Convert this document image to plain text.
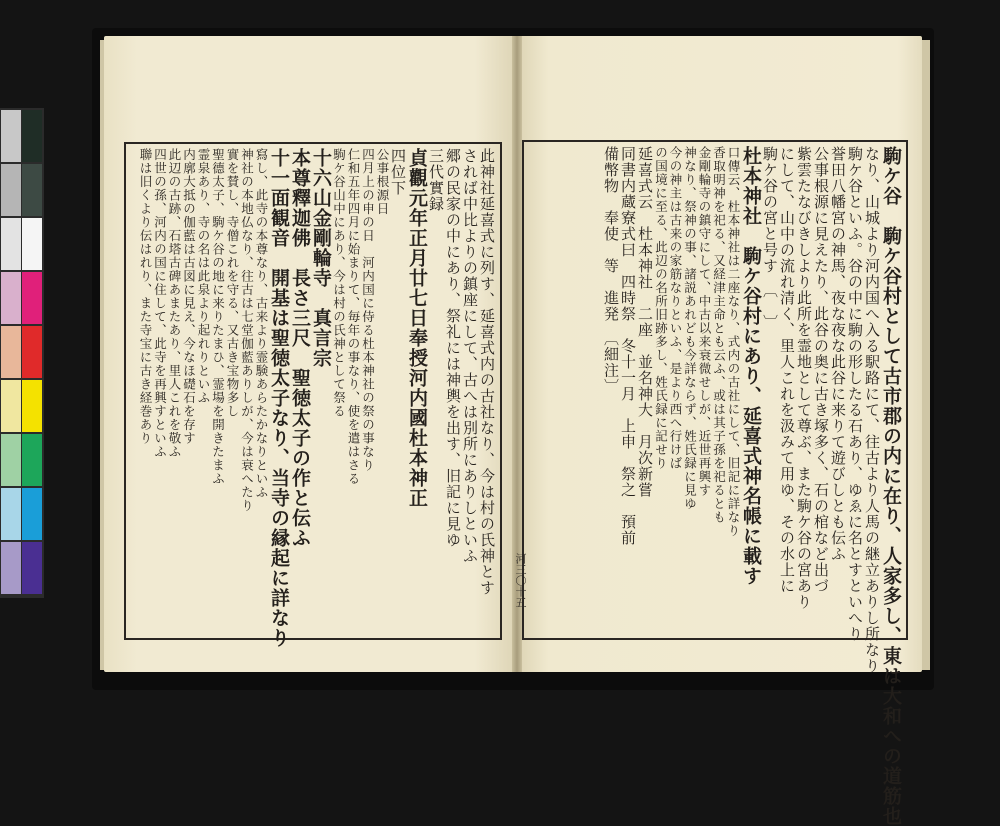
駒ケ谷　駒ケ谷村として古市郡の内に在り、人家多し、東は大和への道筋也
なり、山城より河内国へ入る駅路にて、往古より人馬の継立ありし所なり
駒ケ谷といふ。谷の中に駒の形したる石あり、ゆゑに名とすといへり
誉田八幡宮の神馬、夜な夜な此谷に来りて遊びしとも伝ふ
公事根源に見えたり、此谷の奥に古き塚多く、石の棺など出づ
紫雲たなびきしより此所を霊地として尊ぶ、また駒ケ谷の宮あり
にして、山中の流れ清く、里人これを汲みて用ゆ、その水上に
駒ケ谷の宮と号す　〔　〕
杜本神社　駒ケ谷村にあり、延喜式神名帳に載す
口傳云、杜本神社は二座なり、式内の古社にして、旧記に詳なり
香取明神を祀る、又経津主命とも云ふ、或は其子孫を祀るとも
金剛輪寺の鎮守にして、中古以来衰微せしが、近世再興す
神なり、祭神の事、諸説あれども今詳ならず、姓氏録に見ゆ
今の神主は古来の家筋なりといふ、是より西へ行けば
の国境に至る、此辺の名所旧跡多し、姓氏録に記せり
延喜式云　杜本神社　二座　並名神大　月次新嘗
同書内蔵寮式曰　四時祭　冬十一月　上申　祭之　預前
備幣物　奉使　等　進発　〔細注〕
此神社延喜式に列す、延喜式内の古社なり、今は村の氏神とす
されば中比よりの鎮座にして、古へは別所にありしといふ
郷の民家の中にあり、祭礼には神輿を出す、旧記に見ゆ
三代實録　
貞觀元年正月廿七日奉授河内國杜本神正
四位下
公事根源日
四月上の申の日　河内国に侍る杜本神社の祭の事なり
仁和五年四月に始まりて、毎年の事なり、使を遣はさる
駒ケ谷山中にあり、今は村の氏神として祭る
十六山金剛輪寺　真言宗
本尊釋迦佛　長さ三尺　聖徳太子の作と伝ふ
十一面観音　開基は聖徳太子なり、当寺の縁起に詳なり
寫し、此寺の本尊なり、古来より霊験あらたかなりといふ
神社の本地仏なり、往古は七堂伽藍ありしが、今は衰へたり
實を賛し、寺僧これを守る、又古き宝物多し
聖德太子、駒ケ谷の地に来りたまひ、霊場を開きたまふ
霊泉あり、寺の名は此泉より起れりといふ
内廓大抵の伽藍は古図に見え、今なほ礎石を存す
此辺の古跡、石塔古碑あまたあり、里人これを敬ふ
四世の孫、河内の国に住して、此寺を再興すといふ
聯は旧くより伝はれり、また寺宝に古き経巻あり
河三〇十五
